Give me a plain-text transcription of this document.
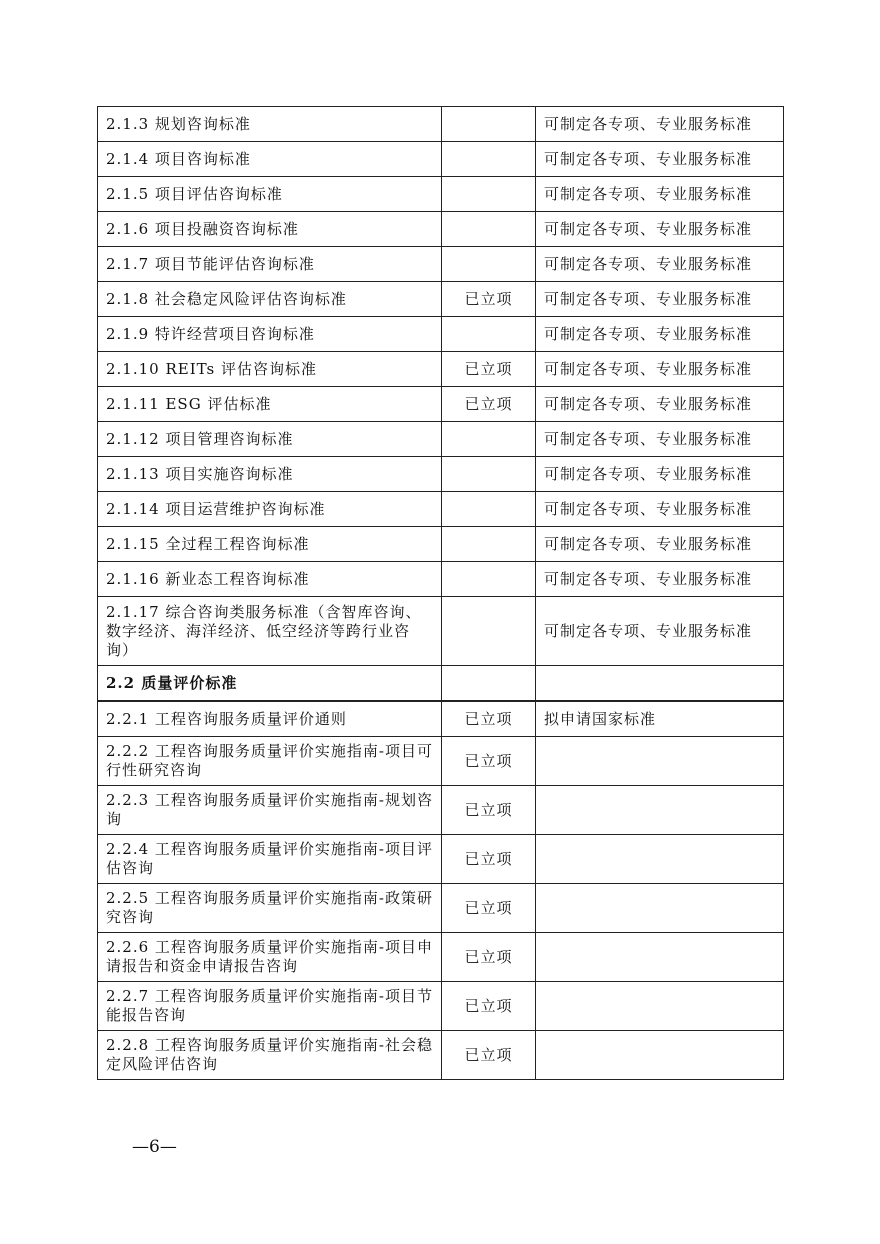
2.1.3 规划咨询标准		可制定各专项、专业服务标准
2.1.4 项目咨询标准		可制定各专项、专业服务标准
2.1.5 项目评估咨询标准		可制定各专项、专业服务标准
2.1.6 项目投融资咨询标准		可制定各专项、专业服务标准
2.1.7 项目节能评估咨询标准		可制定各专项、专业服务标准
2.1.8 社会稳定风险评估咨询标准	已立项	可制定各专项、专业服务标准
2.1.9 特许经营项目咨询标准		可制定各专项、专业服务标准
2.1.10 REITs 评估咨询标准	已立项	可制定各专项、专业服务标准
2.1.11 ESG 评估标准	已立项	可制定各专项、专业服务标准
2.1.12 项目管理咨询标准		可制定各专项、专业服务标准
2.1.13 项目实施咨询标准		可制定各专项、专业服务标准
2.1.14 项目运营维护咨询标准		可制定各专项、专业服务标准
2.1.15 全过程工程咨询标准		可制定各专项、专业服务标准
2.1.16 新业态工程咨询标准		可制定各专项、专业服务标准
2.1.17 综合咨询类服务标准（含智库咨询、数字经济、海洋经济、低空经济等跨行业咨询）		可制定各专项、专业服务标准
2.2 质量评价标准		
2.2.1 工程咨询服务质量评价通则	已立项	拟申请国家标准
2.2.2 工程咨询服务质量评价实施指南-项目可行性研究咨询	已立项	
2.2.3 工程咨询服务质量评价实施指南-规划咨询	已立项	
2.2.4 工程咨询服务质量评价实施指南-项目评估咨询	已立项	
2.2.5 工程咨询服务质量评价实施指南-政策研究咨询	已立项	
2.2.6 工程咨询服务质量评价实施指南-项目申请报告和资金申请报告咨询	已立项	
2.2.7 工程咨询服务质量评价实施指南-项目节能报告咨询	已立项	
2.2.8 工程咨询服务质量评价实施指南-社会稳定风险评估咨询	已立项	
—6—
